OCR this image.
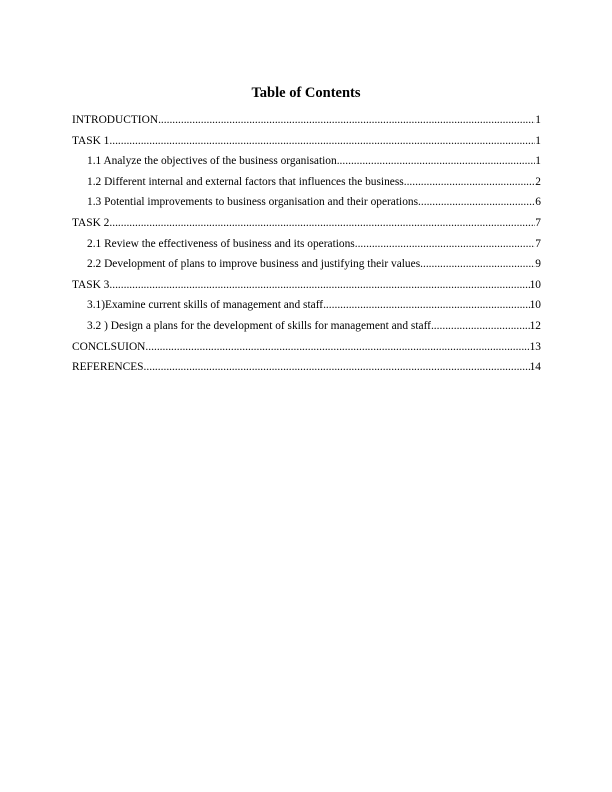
Table of Contents
INTRODUCTION .....	1
TASK 1 .....	1
1.1 Analyze the objectives of the business organisation .....	1
1.2 Different internal and external factors that influences the business .....	2
1.3 Potential improvements to business organisation and their operations .....	6
TASK 2 .....	7
2.1 Review the effectiveness of business and its operations .....	7
2.2 Development of plans to improve business and justifying their values .....	9
TASK 3 .....	10
3.1)Examine current skills of management and staff. .....	10
3.2 ) Design a plans for the development of skills for management and staff .....	12
CONCLSUION .....	13
REFERENCES .....	14
